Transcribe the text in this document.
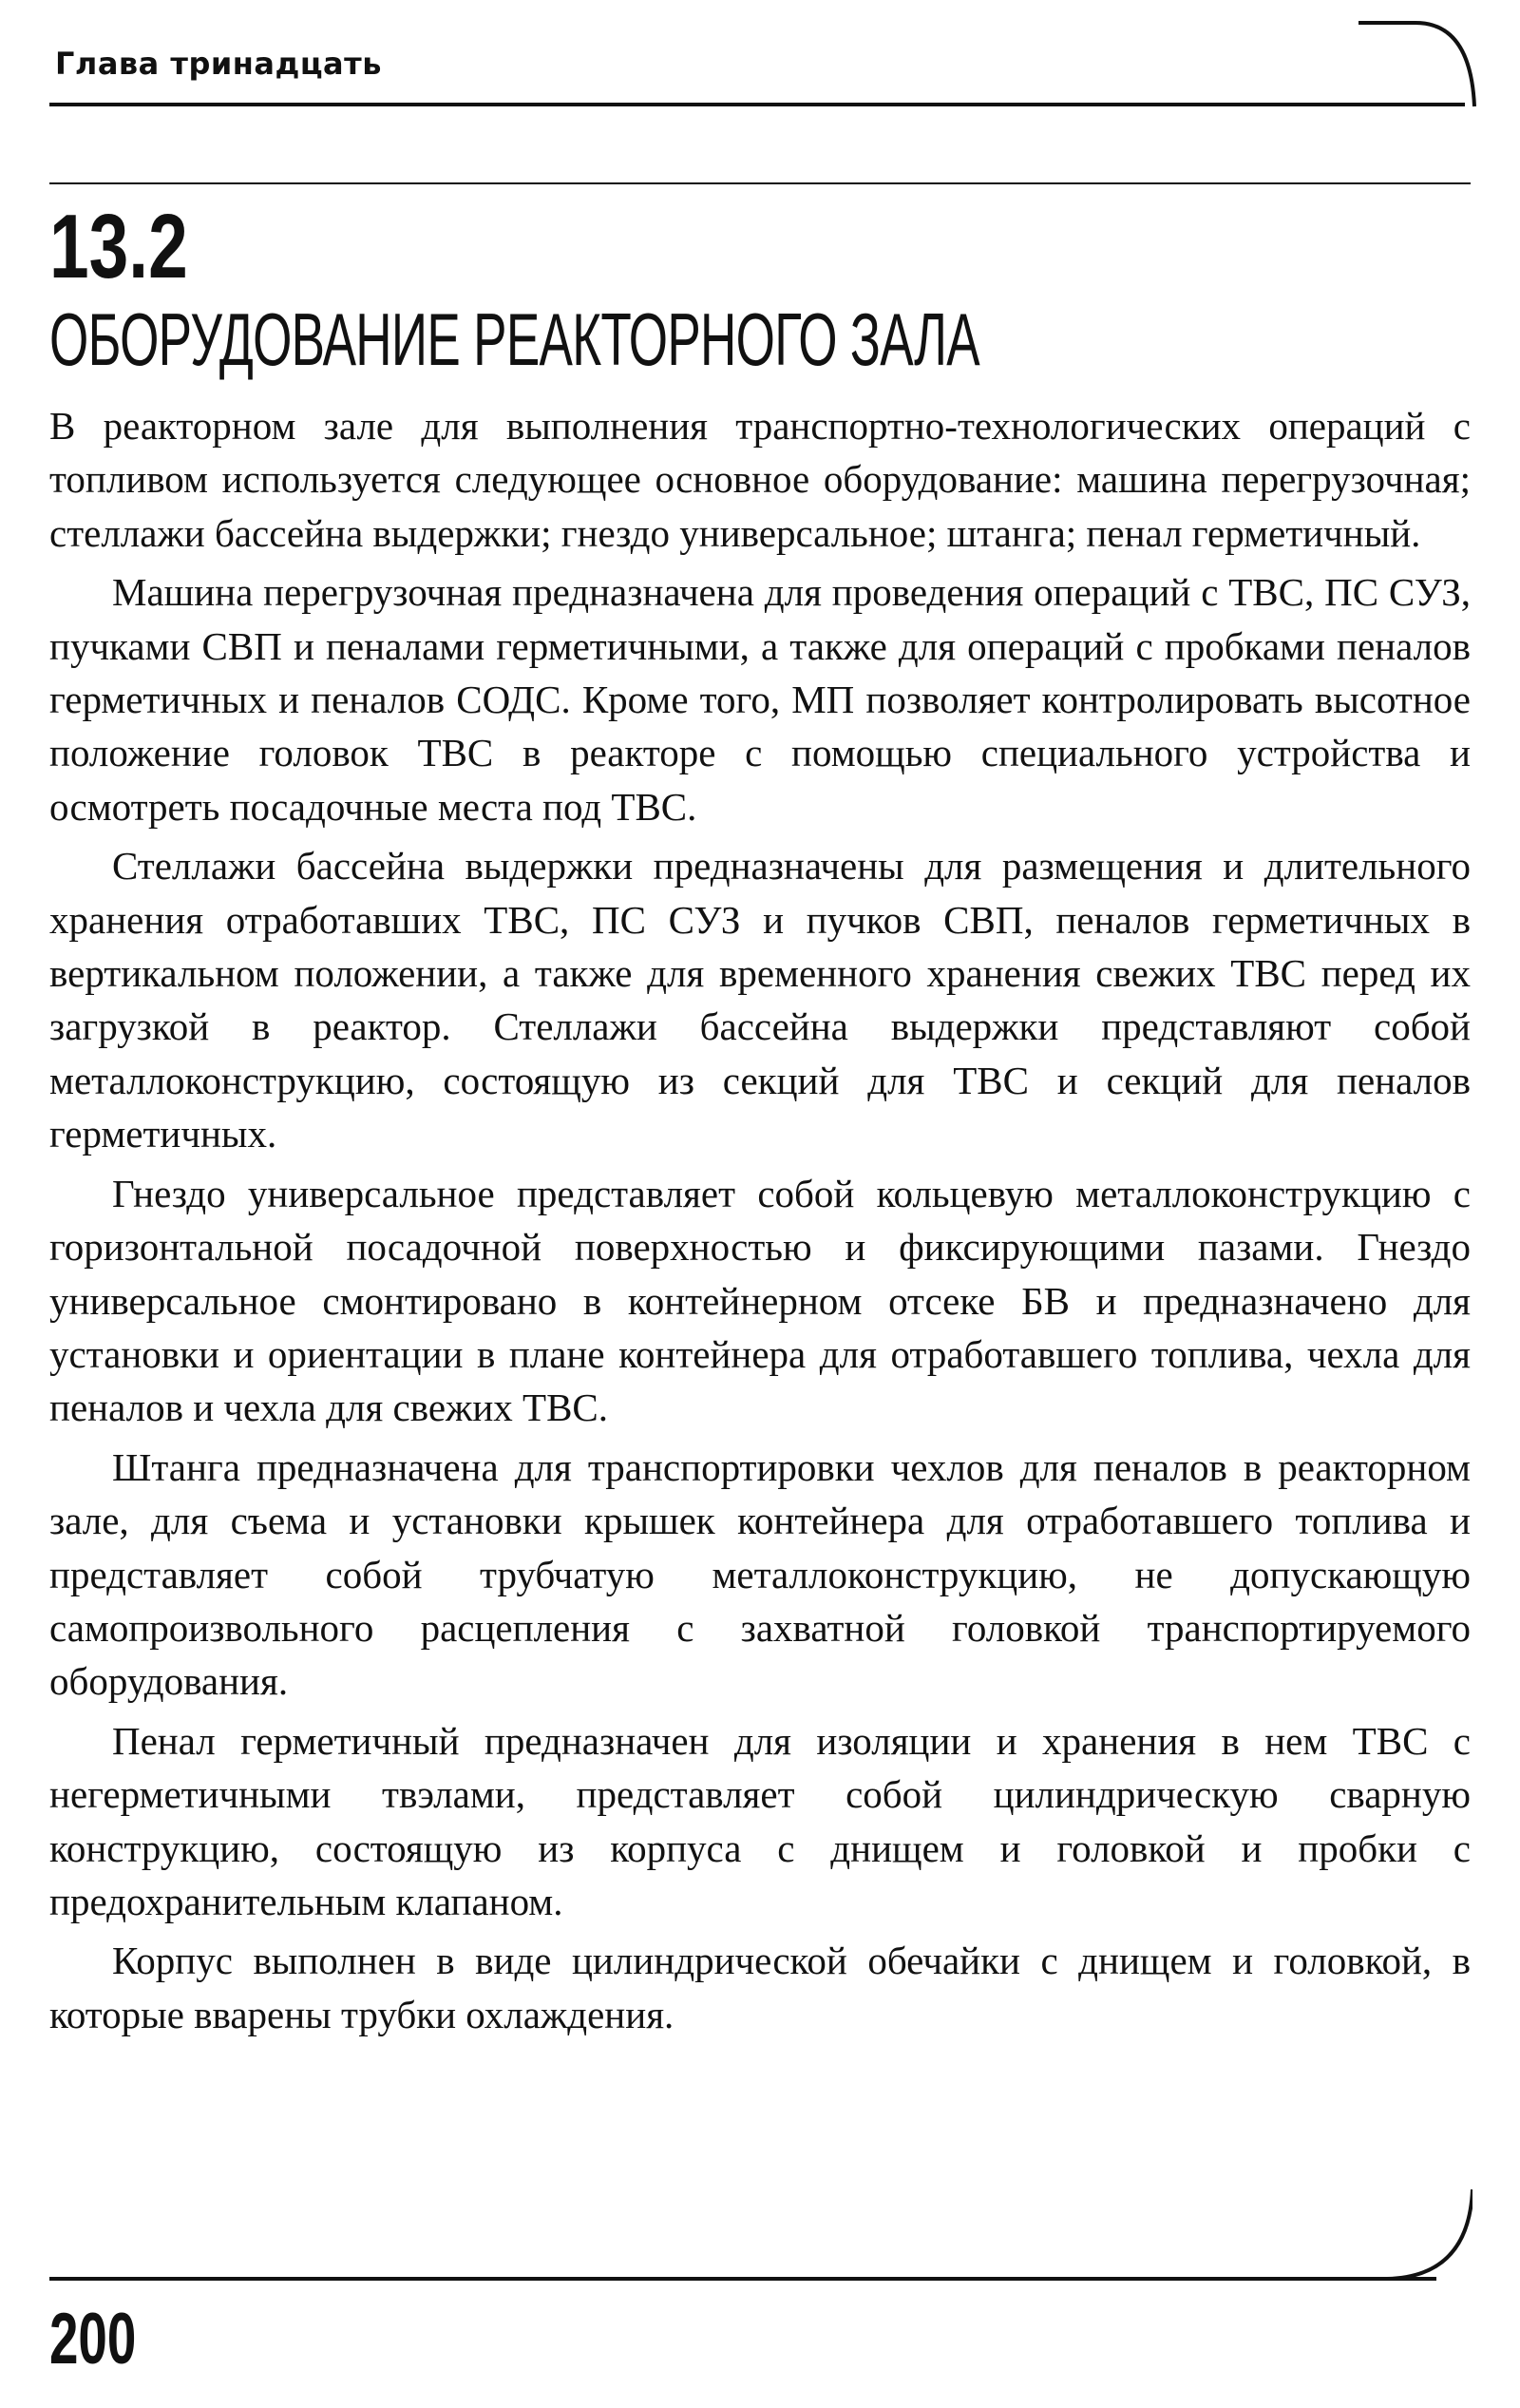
Глава тринадцать
13.2
ОБОРУДОВАНИЕ РЕАКТОРНОГО ЗАЛА

В реакторном зале для выполнения транспортно-технологических операций с топливом используется следующее основное оборудование: машина перегрузочная; стеллажи бассейна выдержки; гнездо универсальное; штанга; пенал герметичный.

Машина перегрузочная предназначена для проведения операций с ТВС, ПС СУЗ, пучками СВП и пеналами герметичными, а также для операций с пробками пеналов герметичных и пеналов СОДС. Кроме того, МП позволяет контролировать высотное положение головок ТВС в реакторе с помощью специального устройства и осмотреть посадочные места под ТВС.

Стеллажи бассейна выдержки предназначены для размещения и длительного хранения отработавших ТВС, ПС СУЗ и пучков СВП, пеналов герметичных в вертикальном положении, а также для временного хранения свежих ТВС перед их загрузкой в реактор. Стеллажи бассейна выдержки представляют собой металлоконструкцию, состоящую из секций для ТВС и секций для пеналов герметичных.

Гнездо универсальное представляет собой кольцевую металлоконструкцию с горизонтальной посадочной поверхностью и фиксирующими пазами. Гнездо универсальное смонтировано в контейнерном отсеке БВ и предназначено для установки и ориентации в плане контейнера для отработавшего топлива, чехла для пеналов и чехла для свежих ТВС.

Штанга предназначена для транспортировки чехлов для пеналов в реакторном зале, для съема и установки крышек контейнера для отработавшего топлива и представляет собой трубчатую металлоконструкцию, не допускающую самопроизвольного расцепления с захватной головкой транспортируемого оборудования.

Пенал герметичный предназначен для изоляции и хранения в нем ТВС с негерметичными твэлами, представляет собой цилиндрическую сварную конструкцию, состоящую из корпуса с днищем и головкой и пробки с предохранительным клапаном.

Корпус выполнен в виде цилиндрической обечайки с днищем и головкой, в которые вварены трубки охлаждения.

200
